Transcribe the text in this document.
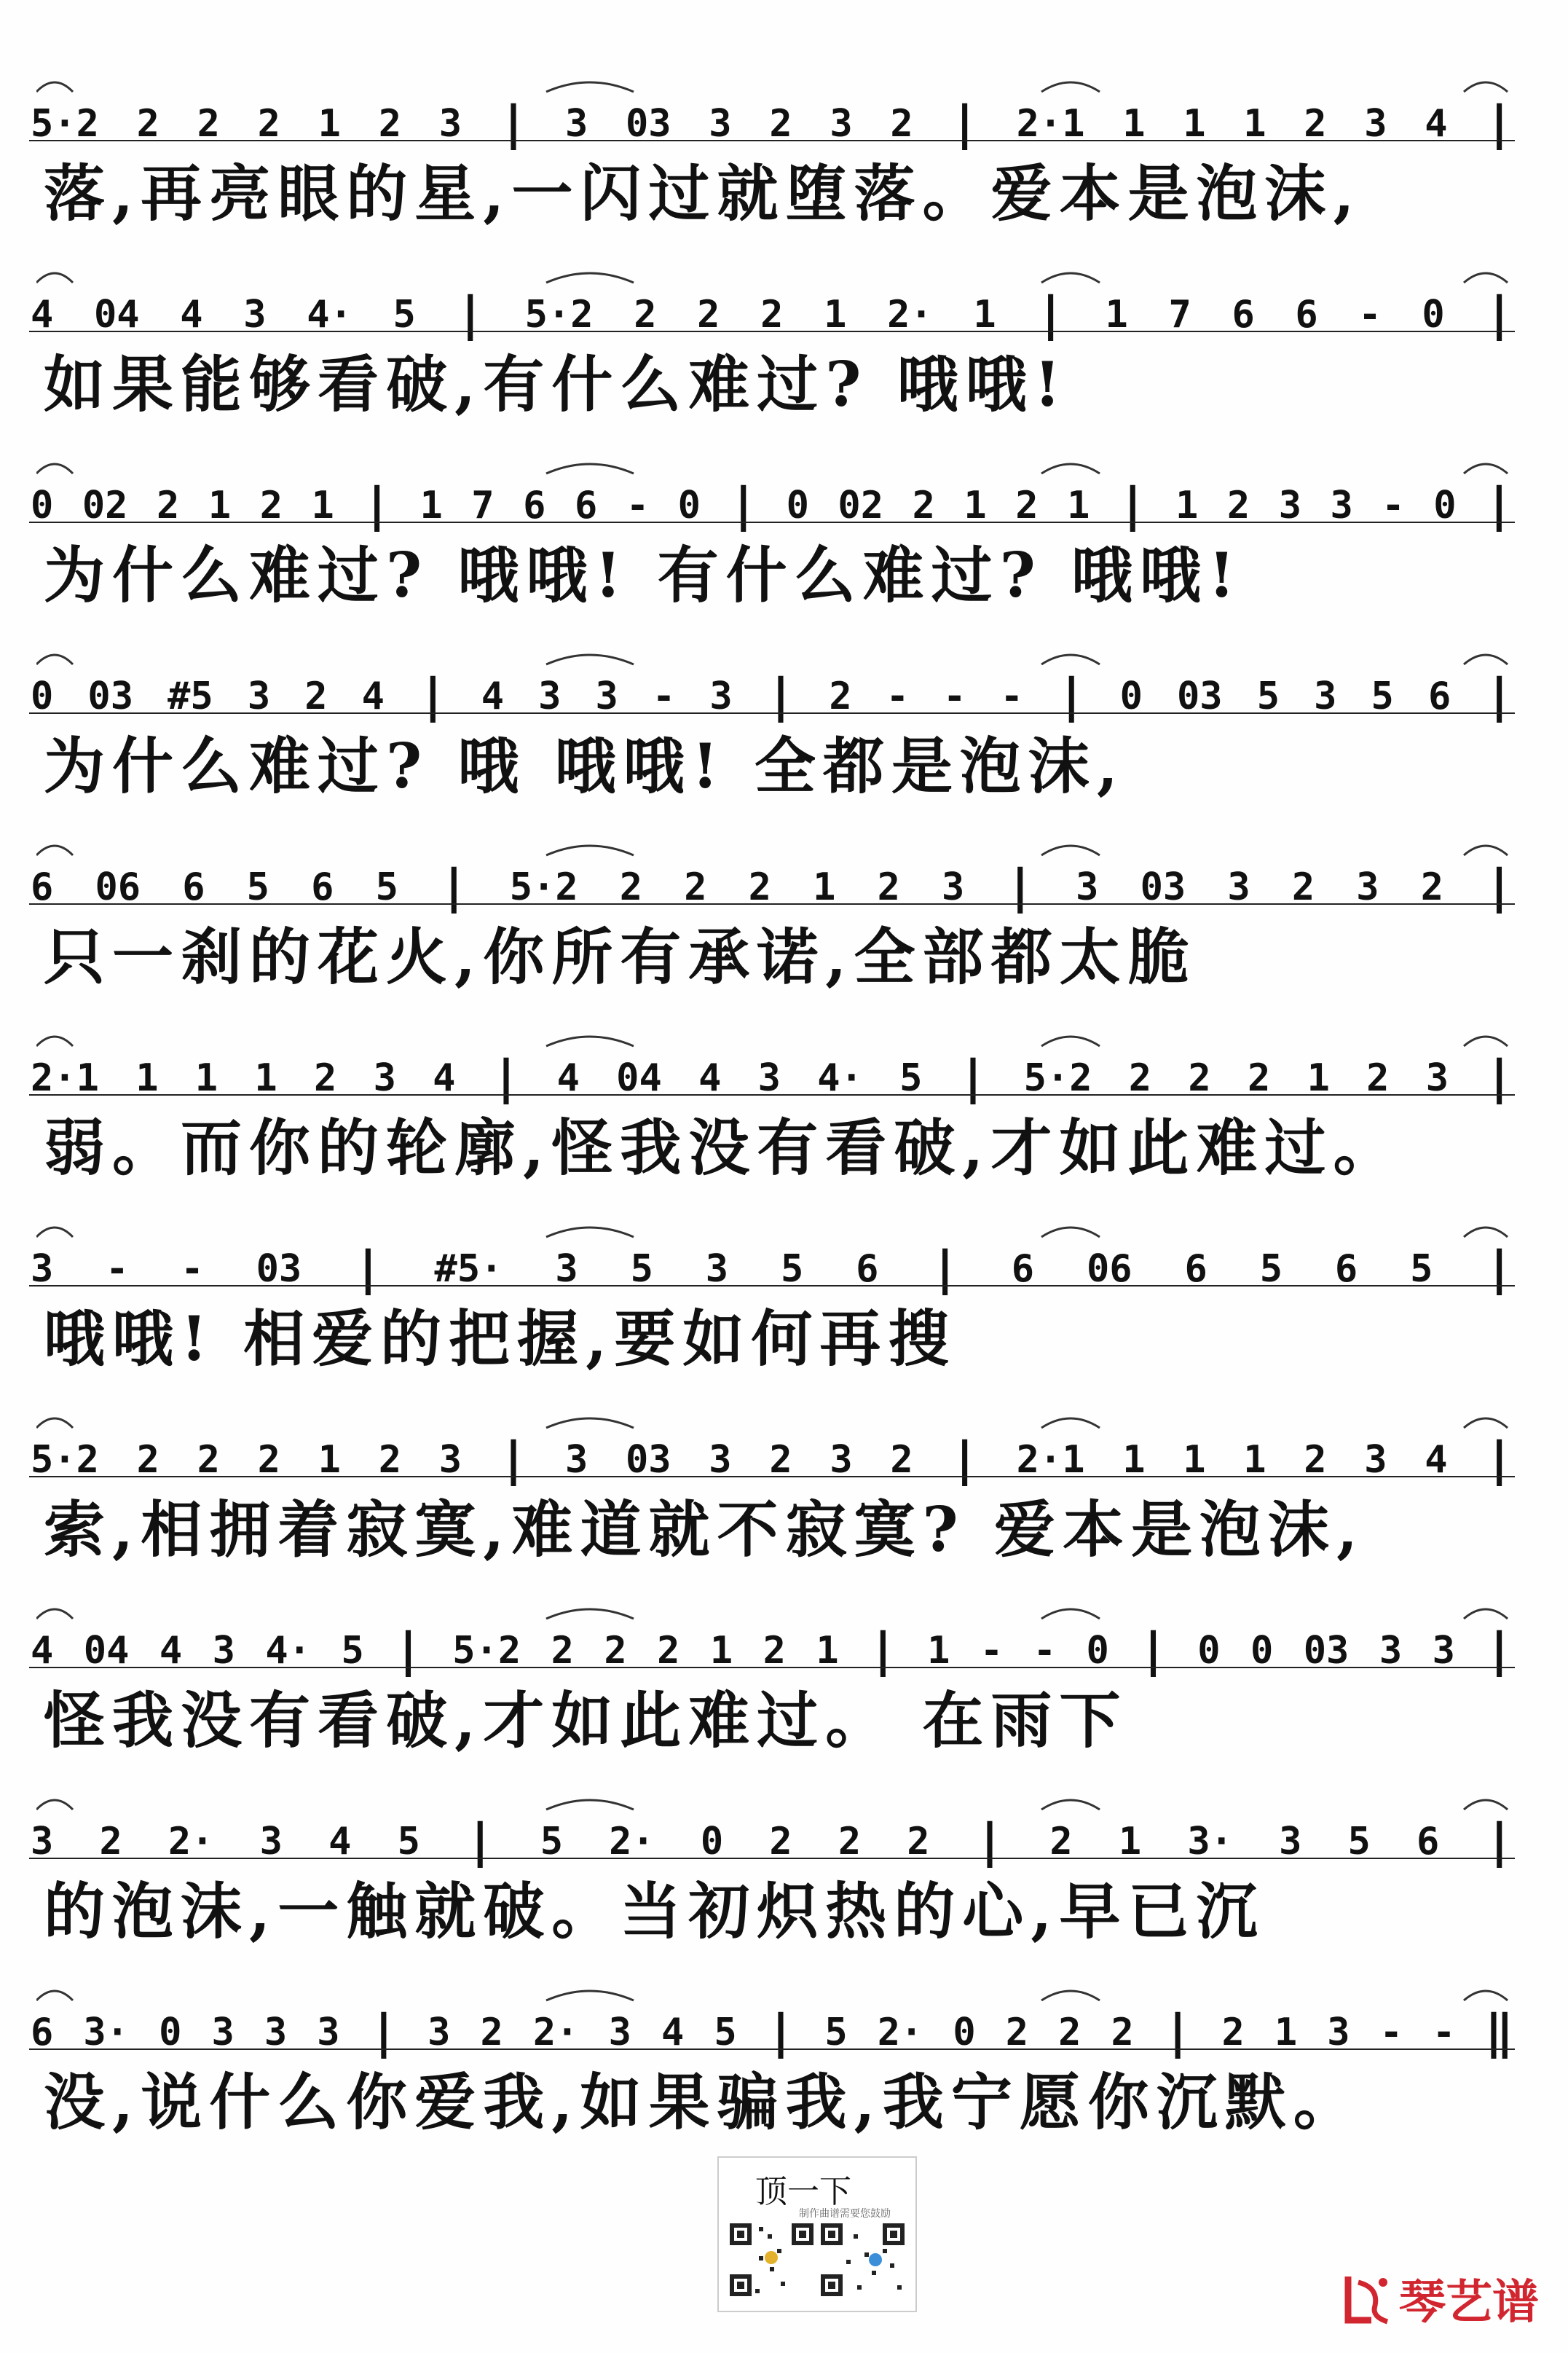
5·2 2 2 2 1 2 3 | 3 03 3 2 3 2 | 2·1 1 1 1 2 3 4 |
落,再亮眼的星,一闪过就堕落。爱本是泡沫,
4 04 4 3 4· 5 | 5·2 2 2 2 1 2· 1 | 1 7 6 6 - 0 |
如果能够看破,有什么难过? 哦哦!
0 02 2 1 2 1 | 1 7 6 6 - 0 | 0 02 2 1 2 1 | 1 2 3 3 - 0 |
为什么难过? 哦哦! 有什么难过? 哦哦!
0 03 #5 3 2 4 | 4 3 3 - 3 | 2 - - - | 0 03 5 3 5 6 |
为什么难过? 哦 哦哦! 全都是泡沫,
6 06 6 5 6 5 | 5·2 2 2 2 1 2 3 | 3 03 3 2 3 2 |
只一刹的花火,你所有承诺,全部都太脆
2·1 1 1 1 2 3 4 | 4 04 4 3 4· 5 | 5·2 2 2 2 1 2 3 |
弱。而你的轮廓,怪我没有看破,才如此难过。
3 - - 03 | #5· 3 5 3 5 6 | 6 06 6 5 6 5 |
哦哦! 相爱的把握,要如何再搜
5·2 2 2 2 1 2 3 | 3 03 3 2 3 2 | 2·1 1 1 1 2 3 4 |
索,相拥着寂寞,难道就不寂寞? 爱本是泡沫,
4 04 4 3 4· 5 | 5·2 2 2 2 1 2 1 | 1 - - 0 | 0 0 03 3 3 |
怪我没有看破,才如此难过。 在雨下
3 2 2· 3 4 5 | 5 2· 0 2 2 2 | 2 1 3· 3 5 6 |
的泡沫,一触就破。当初炽热的心,早已沉
6 3· 0 3 3 3 | 3 2 2· 3 4 5 | 5 2· 0 2 2 2 | 2 1 3 - - ‖
没,说什么你爱我,如果骗我,我宁愿你沉默。
顶一下
制作曲谱需要您鼓励
琴艺谱
